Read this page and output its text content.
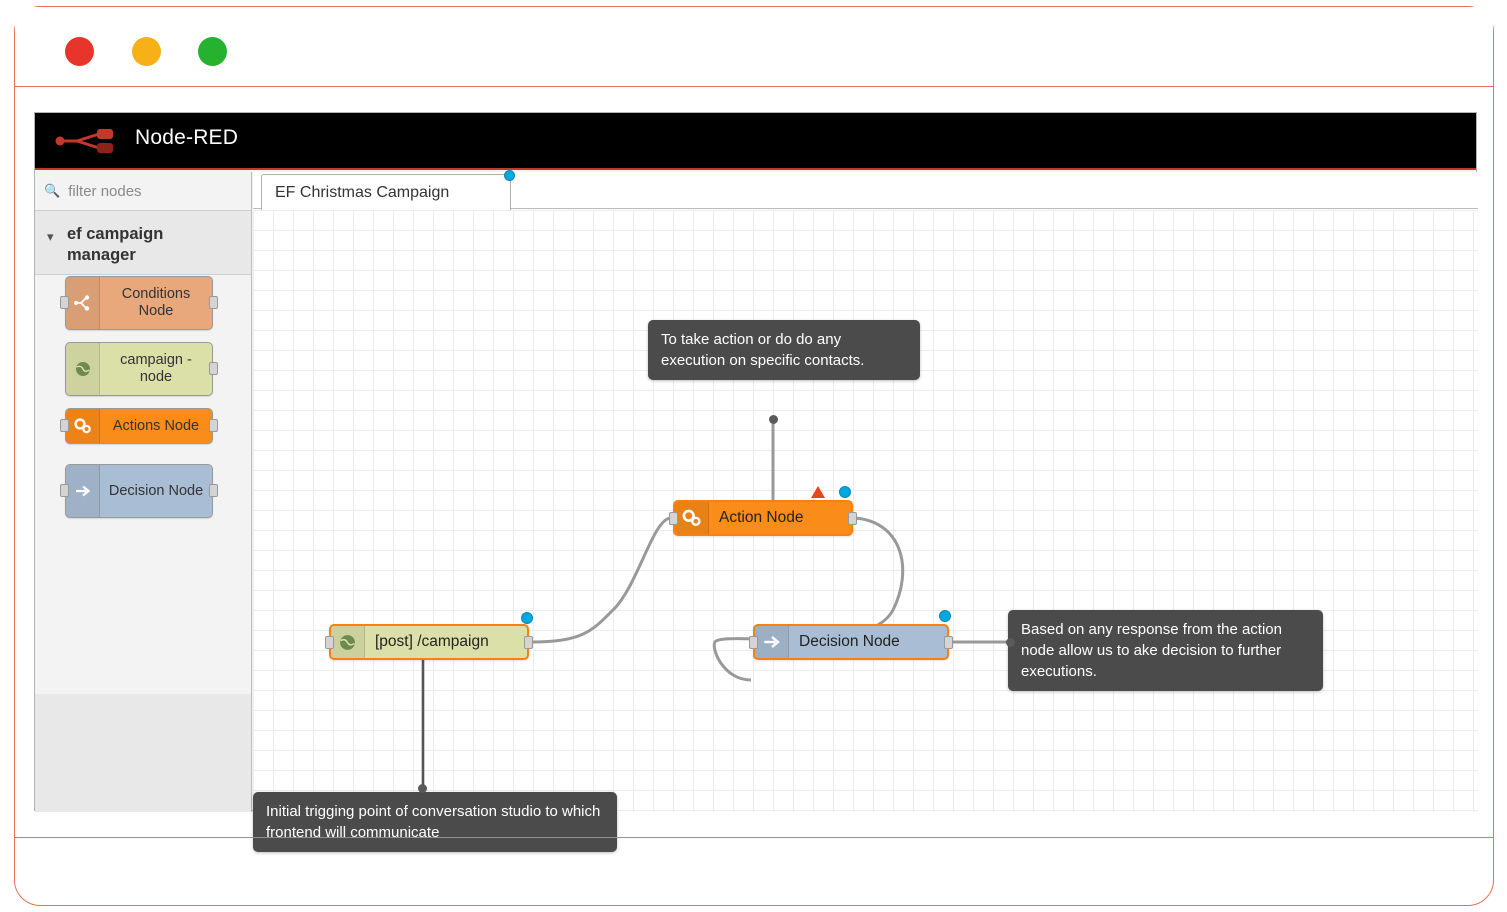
Node-RED
🔍
filter nodes
▾ ef campaign manager
Conditions Node
campaign - node
Actions Node
Decision Node
EF Christmas Campaign
[post] /campaign
Action Node
Decision Node
To take action or do do any execution on specific contacts.
Based on any response from the action node allow us to ake decision to further executions.
Initial trigging point of conversation studio to which frontend will communicate
